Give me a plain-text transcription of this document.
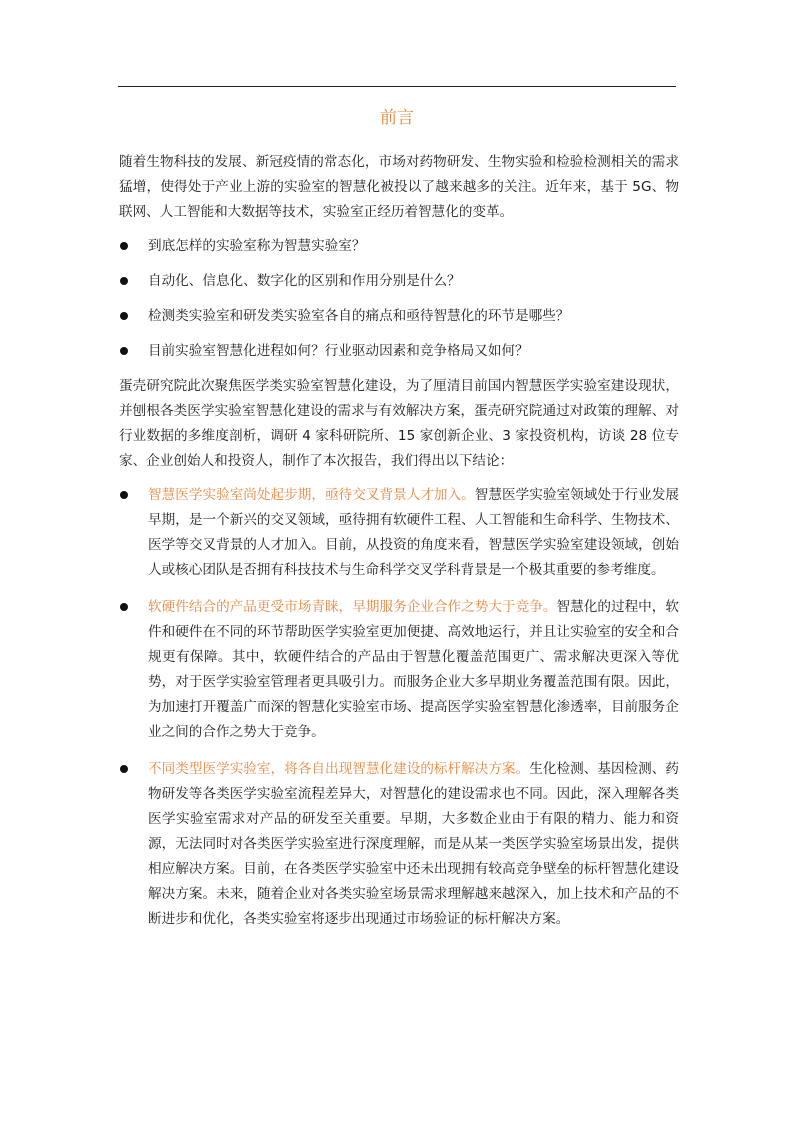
前言

随着生物科技的发展、新冠疫情的常态化，市场对药物研发、生物实验和检验检测相关的需求猛增，使得处于产业上游的实验室的智慧化被投以了越来越多的关注。近年来，基于 5G、物联网、人工智能和大数据等技术，实验室正经历着智慧化的变革。

到底怎样的实验室称为智慧实验室？
自动化、信息化、数字化的区别和作用分别是什么？
检测类实验室和研发类实验室各自的痛点和亟待智慧化的环节是哪些？
目前实验室智慧化进程如何？行业驱动因素和竞争格局又如何？

蛋壳研究院此次聚焦医学类实验室智慧化建设，为了厘清目前国内智慧医学实验室建设现状，并刨根各类医学实验室智慧化建设的需求与有效解决方案，蛋壳研究院通过对政策的理解、对行业数据的多维度剖析，调研 4 家科研院所、15 家创新企业、3 家投资机构，访谈 28 位专家、企业创始人和投资人，制作了本次报告，我们得出以下结论：

智慧医学实验室尚处起步期，亟待交叉背景人才加入。智慧医学实验室领域处于行业发展早期，是一个新兴的交叉领域，亟待拥有软硬件工程、人工智能和生命科学、生物技术、医学等交叉背景的人才加入。目前，从投资的角度来看，智慧医学实验室建设领域，创始人或核心团队是否拥有科技技术与生命科学交叉学科背景是一个极其重要的参考维度。
软硬件结合的产品更受市场青睐，早期服务企业合作之势大于竞争。智慧化的过程中，软件和硬件在不同的环节帮助医学实验室更加便捷、高效地运行，并且让实验室的安全和合规更有保障。其中，软硬件结合的产品由于智慧化覆盖范围更广、需求解决更深入等优势，对于医学实验室管理者更具吸引力。而服务企业大多早期业务覆盖范围有限。因此，为加速打开覆盖广而深的智慧化实验室市场、提高医学实验室智慧化渗透率，目前服务企业之间的合作之势大于竞争。
不同类型医学实验室，将各自出现智慧化建设的标杆解决方案。生化检测、基因检测、药物研发等各类医学实验室流程差异大，对智慧化的建设需求也不同。因此，深入理解各类医学实验室需求对产品的研发至关重要。早期，大多数企业由于有限的精力、能力和资源，无法同时对各类医学实验室进行深度理解，而是从某一类医学实验室场景出发，提供相应解决方案。目前，在各类医学实验室中还未出现拥有较高竞争壁垒的标杆智慧化建设解决方案。未来，随着企业对各类实验室场景需求理解越来越深入，加上技术和产品的不断进步和优化，各类实验室将逐步出现通过市场验证的标杆解决方案。
